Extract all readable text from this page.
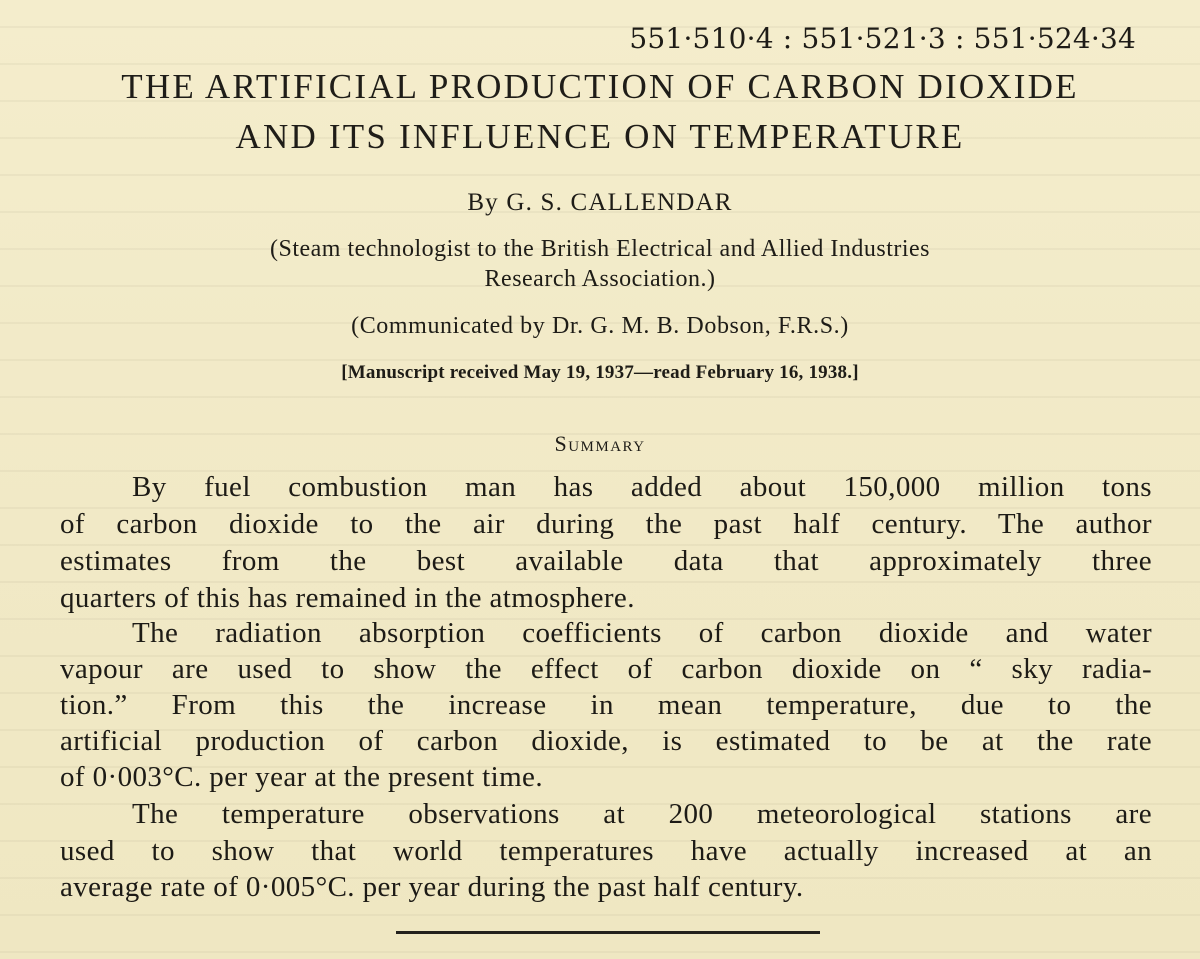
551·510·4 : 551·521·3 : 551·524·34
THE ARTIFICIAL PRODUCTION OF CARBON DIOXIDE
AND ITS INFLUENCE ON TEMPERATURE
By G. S. CALLENDAR
(Steam technologist to the British Electrical and Allied Industries
Research Association.)
(Communicated by Dr. G. M. B. Dobson, F.R.S.)
[Manuscript received May 19, 1937—read February 16, 1938.]
Summary
By fuel combustion man has added about 150,000 million tons
of carbon dioxide to the air during the past half century. The author
estimates from the best available data that approximately three
quarters of this has remained in the atmosphere.
The radiation absorption coefficients of carbon dioxide and water
vapour are used to show the effect of carbon dioxide on “ sky radia-
tion.” From this the increase in mean temperature, due to the
artificial production of carbon dioxide, is estimated to be at the rate
of 0·003°C. per year at the present time.
The temperature observations at 200 meteorological stations are
used to show that world temperatures have actually increased at an
average rate of 0·005°C. per year during the past half century.
